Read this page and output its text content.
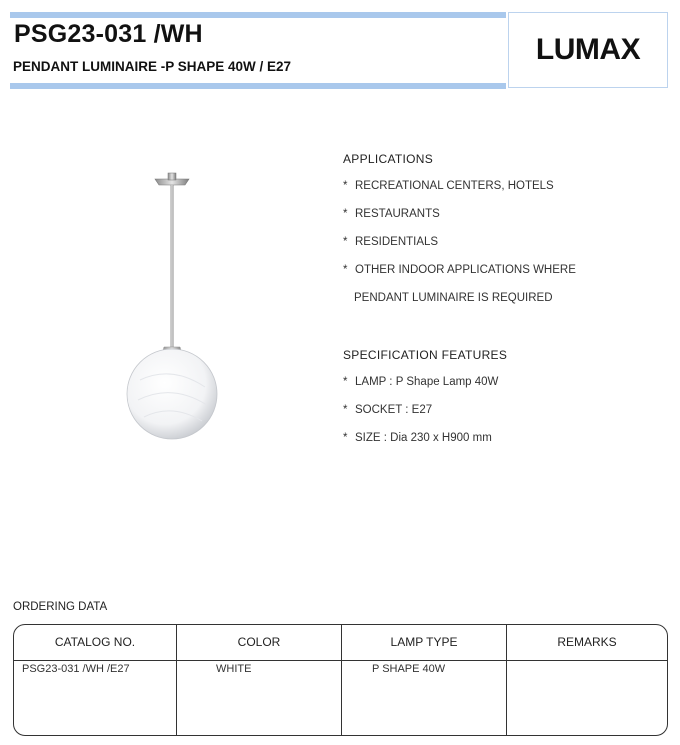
PSG23-031 /WH
PENDANT LUMINAIRE -P SHAPE 40W / E27
LUMAX
APPLICATIONS
* RECREATIONAL CENTERS, HOTELS
* RESTAURANTS
* RESIDENTIALS
* OTHER INDOOR APPLICATIONS WHERE
PENDANT LUMINAIRE IS REQUIRED
SPECIFICATION FEATURES
* LAMP : P Shape Lamp 40W
* SOCKET : E27
* SIZE : Dia 230 x H900 mm
ORDERING DATA
CATALOG NO.	COLOR	LAMP TYPE	REMARKS
PSG23-031 /WH /E27	WHITE	P SHAPE 40W
